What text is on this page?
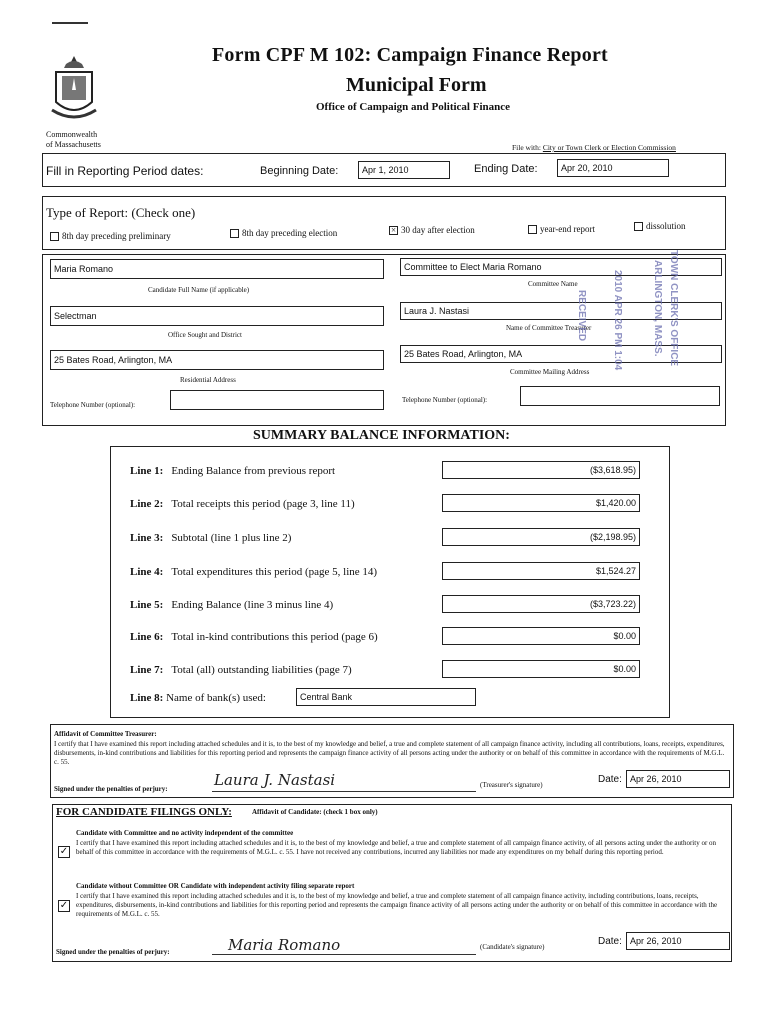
Form CPF M 102: Campaign Finance Report
Municipal Form
Office of Campaign and Political Finance
Commonwealth
of Massachusetts	File with: City or Town Clerk or Election Commission
Fill in Reporting Period dates:	Beginning Date:	Apr 1, 2010	Ending Date:	Apr 20, 2010
Type of Report: (Check one)
8th day preceding preliminary	8th day preceding election	× 30 day after election	year-end report	dissolution
Maria Romano
Candidate Full Name (if applicable)
Selectman
Office Sought and District
25 Bates Road, Arlington, MA
Residential Address
Telephone Number (optional):
Committee to Elect Maria Romano
Committee Name
Laura J. Nastasi
Name of Committee Treasurer
25 Bates Road, Arlington, MA
Committee Mailing Address
Telephone Number (optional):
TOWN CLERK'S OFFICE
ARLINGTON, MASS.
2010 APR 26 PM 1:04
RECEIVED
SUMMARY BALANCE INFORMATION:
Line 1: Ending Balance from previous report	($3,618.95)
Line 2: Total receipts this period (page 3, line 11)	$1,420.00
Line 3: Subtotal (line 1 plus line 2)	($2,198.95)
Line 4: Total expenditures this period (page 5, line 14)	$1,524.27
Line 5: Ending Balance (line 3 minus line 4)	($3,723.22)
Line 6: Total in-kind contributions this period (page 6)	$0.00
Line 7: Total (all) outstanding liabilities (page 7)	$0.00
Line 8: Name of bank(s) used:	Central Bank
Affidavit of Committee Treasurer:
I certify that I have examined this report including attached schedules and it is, to the best of my knowledge and belief, a true and complete statement of all campaign finance activity, including all contributions, loans, receipts, expenditures, disbursements, in-kind contributions and liabilities for this reporting period and represents the campaign finance activity of all persons acting under the authority or on behalf of this committee in accordance with the requirements of M.G.L. c. 55.
Signed under the penalties of perjury:	Laura J. Nastasi	(Treasurer's signature)	Date: Apr 26, 2010
FOR CANDIDATE FILINGS ONLY:	Affidavit of Candidate: (check 1 box only)
Candidate with Committee and no activity independent of the committee
✓
I certify that I have examined this report including attached schedules and it is, to the best of my knowledge and belief, a true and complete statement of all campaign finance activity, of all persons acting under the authority or on behalf of this committee in accordance with the requirements of M.G.L. c. 55. I have not received any contributions, incurred any liabilities nor made any expenditures on my behalf during this reporting period.
Candidate without Committee OR Candidate with independent activity filing separate report
✓
I certify that I have examined this report including attached schedules and it is, to the best of my knowledge and belief, a true and complete statement of all campaign finance activity, including contributions, loans, receipts, expenditures, disbursements, in-kind contributions and liabilities for this reporting period and represents the campaign finance activity of all persons acting under the authority or on behalf of this committee in accordance with the requirements of M.G.L. c. 55.
Signed under the penalties of perjury:	Maria Romano	(Candidate's signature)	Date: Apr 26, 2010
